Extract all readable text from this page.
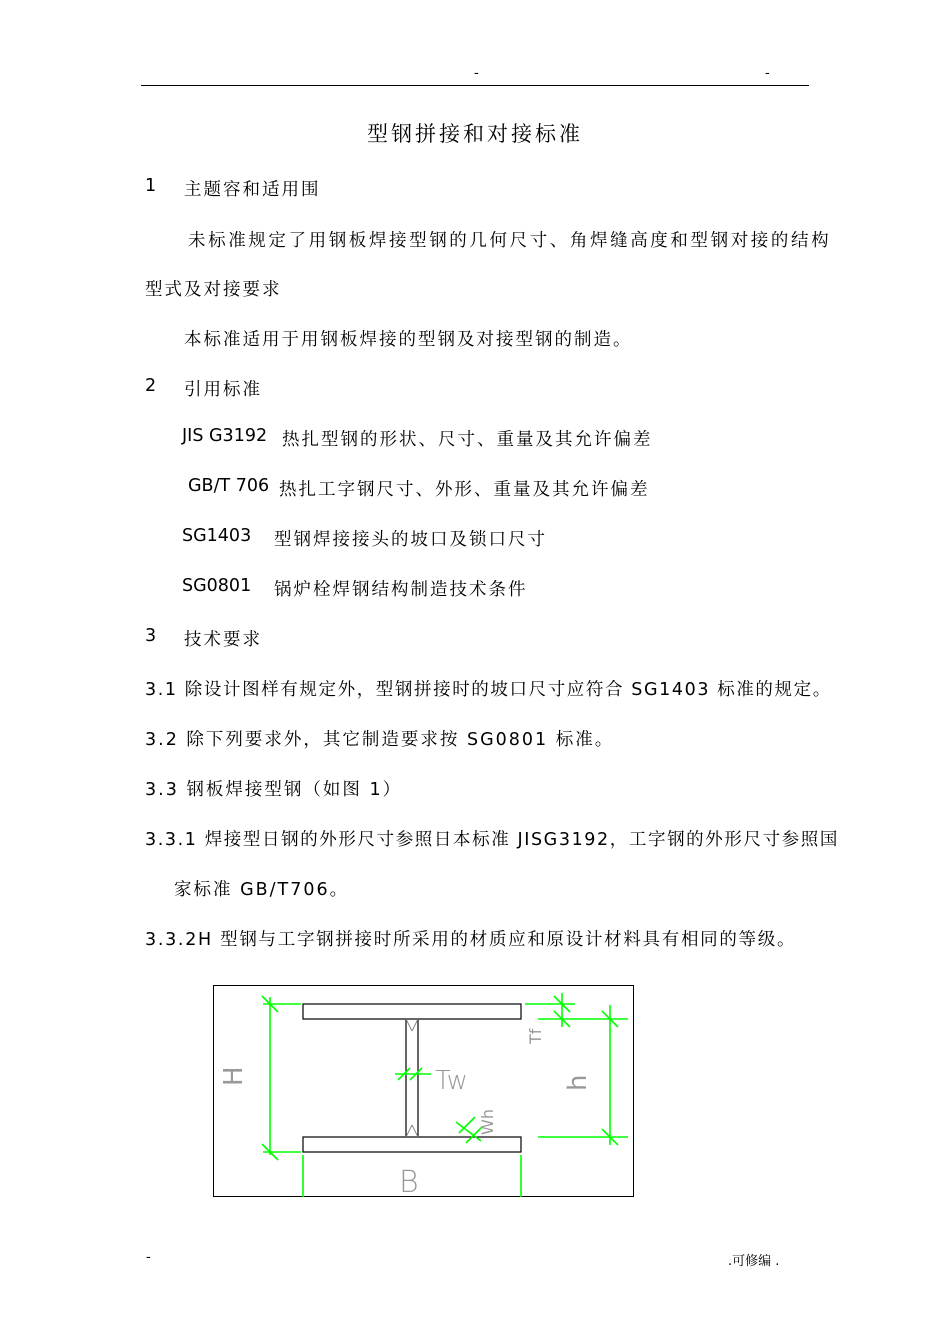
-	-
型钢拼接和对接标准
1 主题容和适用围
未标准规定了用钢板焊接型钢的几何尺寸、角焊缝高度和型钢对接的结构
型式及对接要求
本标准适用于用钢板焊接的型钢及对接型钢的制造。
2 引用标准
JIS G3192 热扎型钢的形状、尺寸、重量及其允许偏差
GB/T 706 热扎工字钢尺寸、外形、重量及其允许偏差
SG1403 型钢焊接接头的坡口及锁口尺寸
SG0801 锅炉栓焊钢结构制造技术条件
3 技术要求
3.1 除设计图样有规定外，型钢拼接时的坡口尺寸应符合 SG1403 标准的规定。
3.2 除下列要求外，其它制造要求按 SG0801 标准。
3.3 钢板焊接型钢（如图 1）
3.3.1 焊接型日钢的外形尺寸参照日本标准 JISG3192，工字钢的外形尺寸参照国
家标准 GB/T706。
3.3.2H 型钢与工字钢拼接时所采用的材质应和原设计材料具有相同的等级。
H	Tw
Tf
h
Wh
B
-	.可修编 .
